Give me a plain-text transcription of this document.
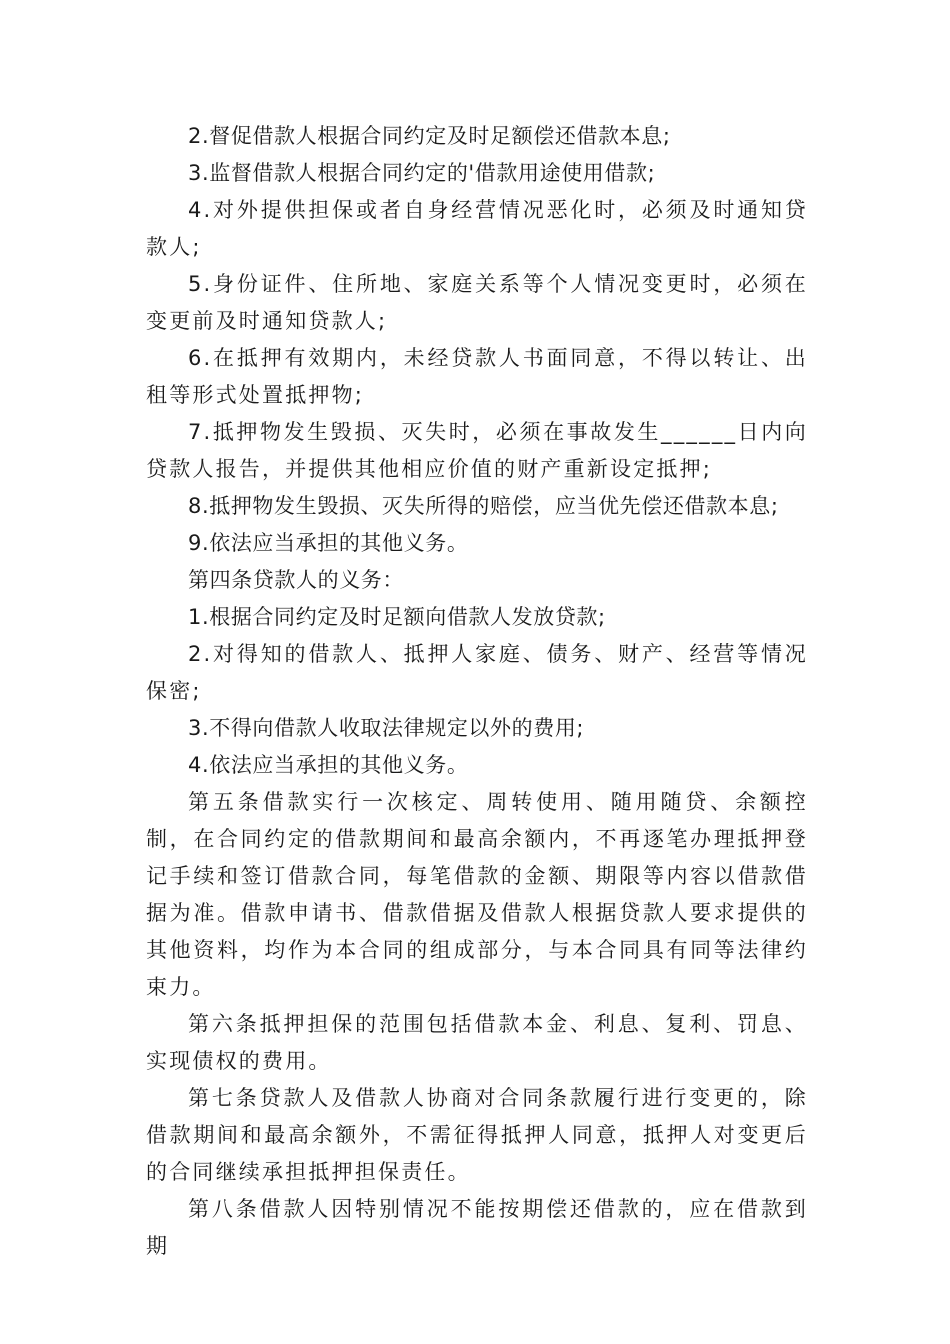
2.督促借款人根据合同约定及时足额偿还借款本息;

3.监督借款人根据合同约定的'借款用途使用借款;

4.对外提供担保或者自身经营情况恶化时，必须及时通知贷款人;

5.身份证件、住所地、家庭关系等个人情况变更时，必须在变更前及时通知贷款人;

6.在抵押有效期内，未经贷款人书面同意，不得以转让、出租等形式处置抵押物;

7.抵押物发生毁损、灭失时，必须在事故发生______日内向贷款人报告，并提供其他相应价值的财产重新设定抵押;

8.抵押物发生毁损、灭失所得的赔偿，应当优先偿还借款本息;

9.依法应当承担的其他义务。

第四条贷款人的义务：

1.根据合同约定及时足额向借款人发放贷款;

2.对得知的借款人、抵押人家庭、债务、财产、经营等情况保密;

3.不得向借款人收取法律规定以外的费用;

4.依法应当承担的其他义务。

第五条借款实行一次核定、周转使用、随用随贷、余额控制，在合同约定的借款期间和最高余额内，不再逐笔办理抵押登记手续和签订借款合同，每笔借款的金额、期限等内容以借款借据为准。借款申请书、借款借据及借款人根据贷款人要求提供的其他资料，均作为本合同的组成部分，与本合同具有同等法律约束力。

第六条抵押担保的范围包括借款本金、利息、复利、罚息、实现债权的费用。

第七条贷款人及借款人协商对合同条款履行进行变更的，除借款期间和最高余额外，不需征得抵押人同意，抵押人对变更后的合同继续承担抵押担保责任。

第八条借款人因特别情况不能按期偿还借款的，应在借款到期
